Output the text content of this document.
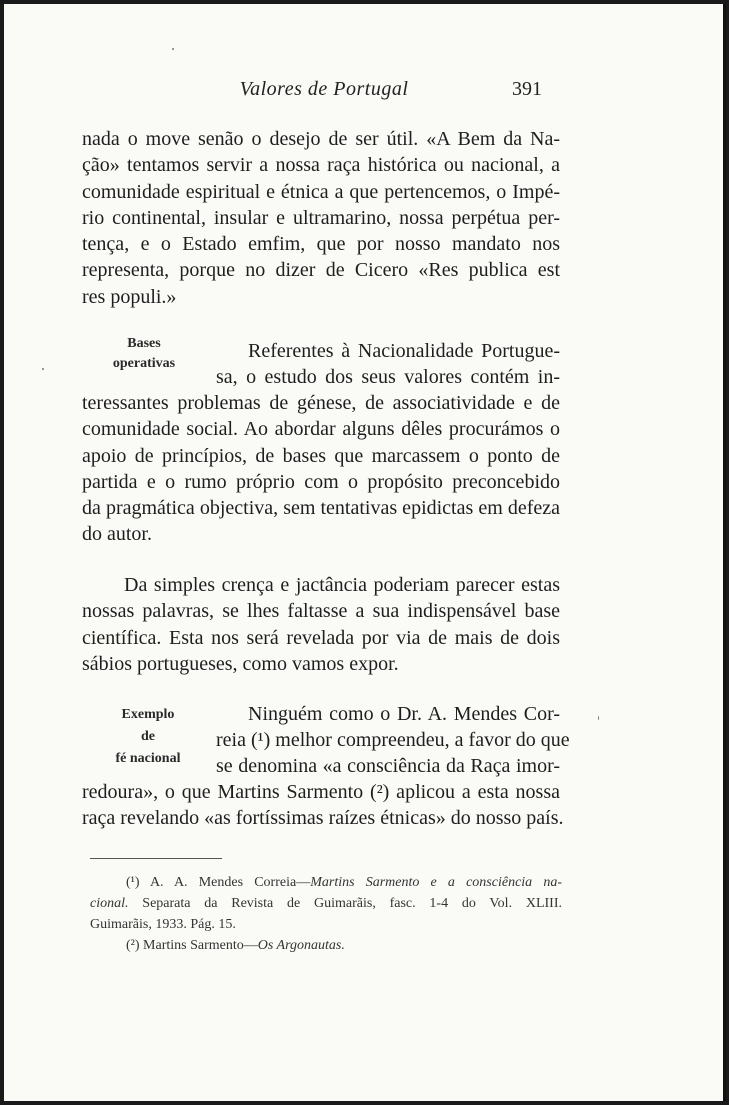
Valores de Portugal	391
nada o move senão o desejo de ser útil. «A Bem da Na-
ção» tentamos servir a nossa raça histórica ou nacional, a
comunidade espiritual e étnica a que pertencemos, o Impé-
rio continental, insular e ultramarino, nossa perpétua per-
tença, e o Estado emfim, que por nosso mandato nos
representa, porque no dizer de Cicero «Res publica est
res populi.»
Bases
operativas
Referentes à Nacionalidade Portugue-
sa, o estudo dos seus valores contém in-
teressantes problemas de génese, de associatividade e de
comunidade social. Ao abordar alguns dêles procurámos o
apoio de princípios, de bases que marcassem o ponto de
partida e o rumo próprio com o propósito preconcebido
da pragmática objectiva, sem tentativas epidictas em defeza
do autor.
Da simples crença e jactância poderiam parecer estas
nossas palavras, se lhes faltasse a sua indispensável base
científica. Esta nos será revelada por via de mais de dois
sábios portugueses, como vamos expor.
Exemplo
de
fé nacional
Ninguém como o Dr. A. Mendes Cor-
reia (¹) melhor compreendeu, a favor do que
se denomina «a consciência da Raça imor-
redoura», o que Martins Sarmento (²) aplicou a esta nossa
raça revelando «as fortíssimas raízes étnicas» do nosso país.
(¹) A. A. Mendes Correia—Martins Sarmento e a consciência na-
cional. Separata da Revista de Guimarãis, fasc. 1-4 do Vol. XLIII.
Guimarãis, 1933. Pág. 15.
(²) Martins Sarmento—Os Argonautas.
